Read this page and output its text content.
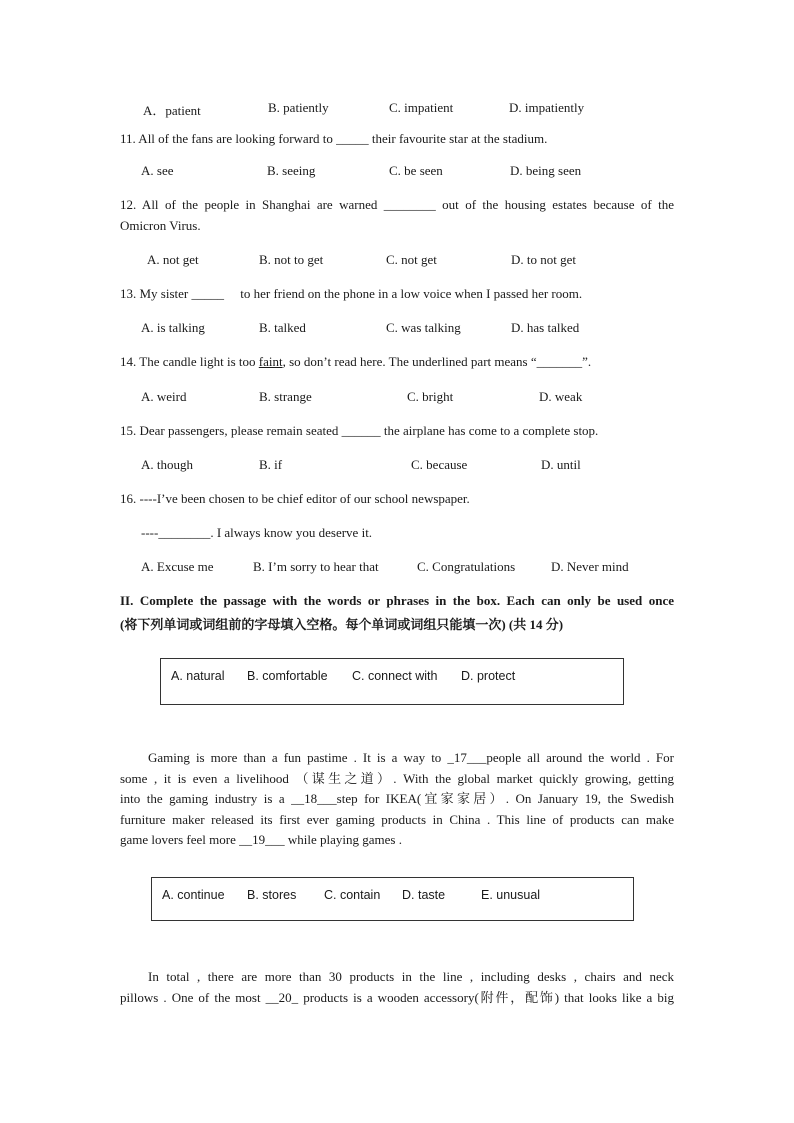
A．patient	B. patiently	C. impatient	D. impatiently
11. All of the fans are looking forward to _____ their favourite star at the stadium.
A. see	B. seeing	C. be seen	D. being seen
12. All of the people in Shanghai are warned ________ out of the housing estates because of the
Omicron Virus.
A. not get	B. not to get	C. not get	D. to not get
13. My sister _____     to her friend on the phone in a low voice when I passed her room.
A. is talking	B. talked	C. was talking	D. has talked
14. The candle light is too faint, so don’t read here. The underlined part means “_______”.
A. weird	B. strange	C. bright	D. weak
15. Dear passengers, please remain seated ______ the airplane has come to a complete stop.
A. though	B. if	C. because	D. until
16. ----I’ve been chosen to be chief editor of our school newspaper.
----________. I always know you deserve it.
A. Excuse me	B. I’m sorry to hear that	C. Congratulations	D. Never mind
II. Complete the passage with the words or phrases in the box. Each can only be used once
(将下列单词或词组前的字母填入空格。每个单词或词组只能填一次) (共 14 分)
A. natural B. comfortable C. connect with D. protect
Gaming is more than a fun pastime . It is a way to _17___people all around the world . For
some , it is even a livelihood （谋生之道）. With the global market quickly growing, getting
into the gaming industry is a __18___step for IKEA(宜家家居）. On January 19, the Swedish
furniture maker released its first ever gaming products in China . This line of products can make
game lovers feel more __19___ while playing games .
A. continue B. stores C. contain D. taste	E. unusual
In total , there are more than 30 products in the line , including desks , chairs and neck
pillows . One of the most __20_ products is a wooden accessory(附件，配饰) that looks like a big
